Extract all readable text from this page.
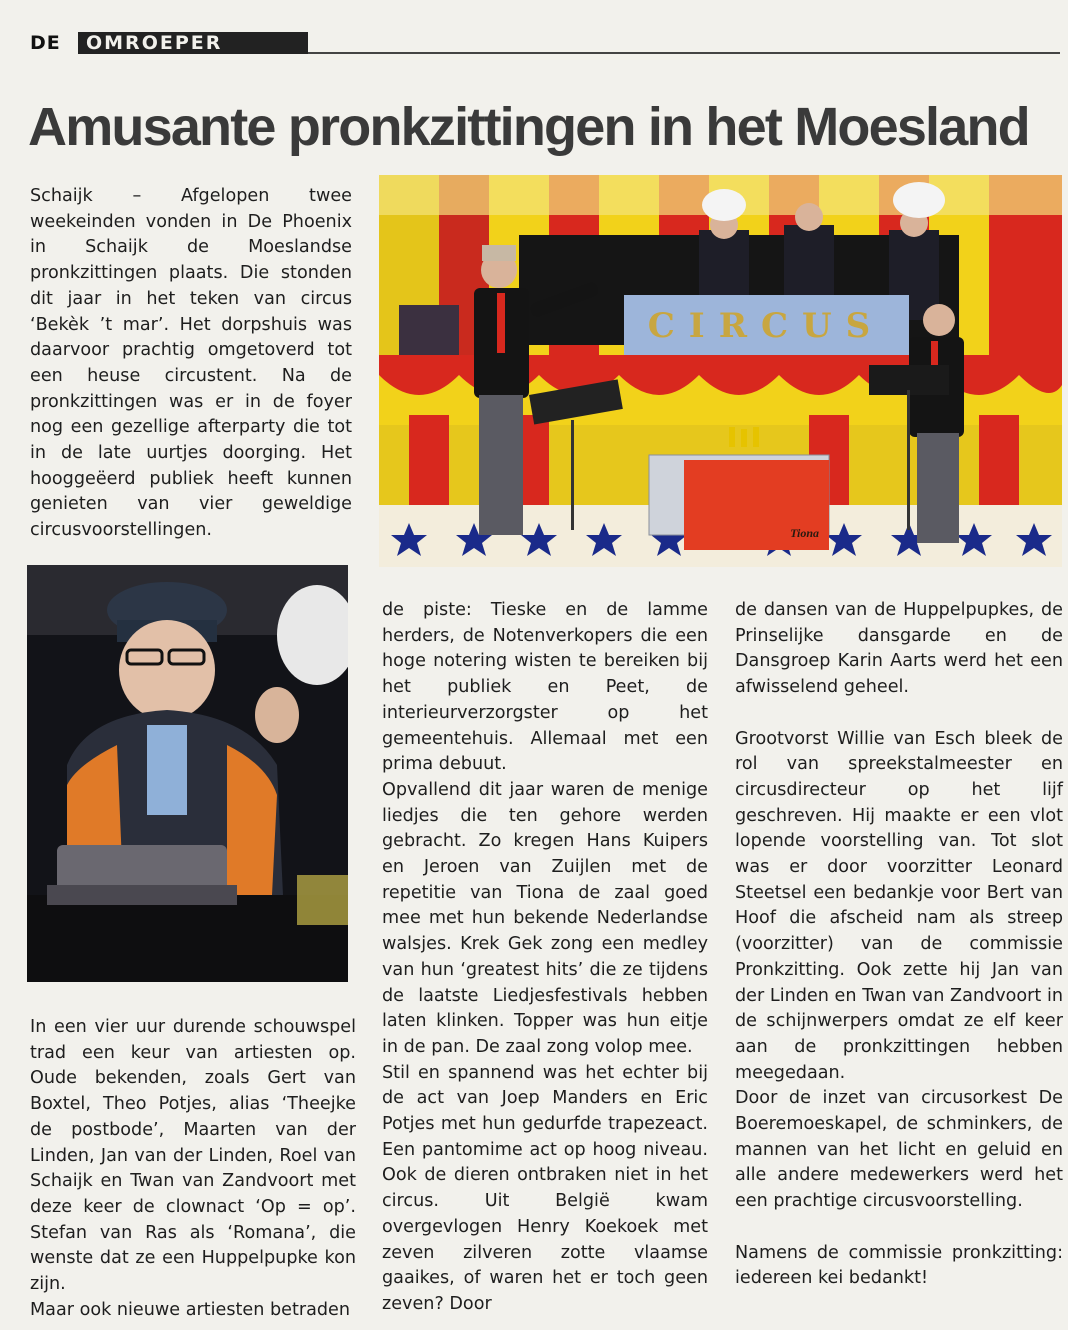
DE	OMROEPER
Amusante pronkzittingen in het Moesland

Schaijk – Afgelopen twee weekeinden vonden in De Phoenix in Schaijk de Moeslandse pronkzittingen plaats. Die stonden dit jaar in het teken van circus ‘Bekèk ’t mar’. Het dorpshuis was daarvoor prachtig omgetoverd tot een heuse circustent. Na de pronkzittingen was er in de foyer nog een gezellige afterparty die tot in de late uurtjes doorging. Het hooggeëerd publiek heeft kunnen genieten van vier geweldige circusvoorstellingen.

CIRCUS
Tiona

In een vier uur durende schouwspel trad een keur van artiesten op. Oude bekenden, zoals Gert van Boxtel, Theo Potjes, alias ‘Theejke de postbode’, Maarten van der Linden, Jan van der Linden, Roel van Schaijk en Twan van Zandvoort met deze keer de clownact ‘Op = op’. Stefan van Ras als ‘Romana’, die wenste dat ze een Huppelpupke kon zijn.

Maar ook nieuwe artiesten betraden

de piste: Tieske en de lamme herders, de Notenverkopers die een hoge notering wisten te bereiken bij het publiek en Peet, de interieurverzorgster op het gemeentehuis. Allemaal met een prima debuut.

Opvallend dit jaar waren de menige liedjes die ten gehore werden gebracht. Zo kregen Hans Kuipers en Jeroen van Zuijlen met de repetitie van Tiona de zaal goed mee met hun bekende Nederlandse walsjes. Krek Gek zong een medley van hun ‘greatest hits’ die ze tijdens de laatste Liedjesfestivals hebben laten klinken. Topper was hun eitje in de pan. De zaal zong volop mee.

Stil en spannend was het echter bij de act van Joep Manders en Eric Potjes met hun gedurfde trapezeact. Een pantomime act op hoog niveau. Ook de dieren ontbraken niet in het circus. Uit België kwam overgevlogen Henry Koekoek met zeven zilveren zotte vlaamse gaaikes, of waren het er toch geen zeven? Door

de dansen van de Huppelpupkes, de Prinselijke dansgarde en de Dansgroep Karin Aarts werd het een afwisselend geheel.

Grootvorst Willie van Esch bleek de rol van spreekstalmeester en circusdirecteur op het lijf geschreven. Hij maakte er een vlot lopende voorstelling van. Tot slot was er door voorzitter Leonard Steetsel een bedankje voor Bert van Hoof die afscheid nam als streep (voorzitter) van de commissie Pronkzitting. Ook zette hij Jan van der Linden en Twan van Zandvoort in de schijnwerpers omdat ze elf keer aan de pronkzittingen hebben meegedaan.

Door de inzet van circusorkest De Boeremoeskapel, de schminkers, de mannen van het licht en geluid en alle andere medewerkers werd het een prachtige circusvoorstelling.

Namens de commissie pronkzitting: iedereen kei bedankt!
